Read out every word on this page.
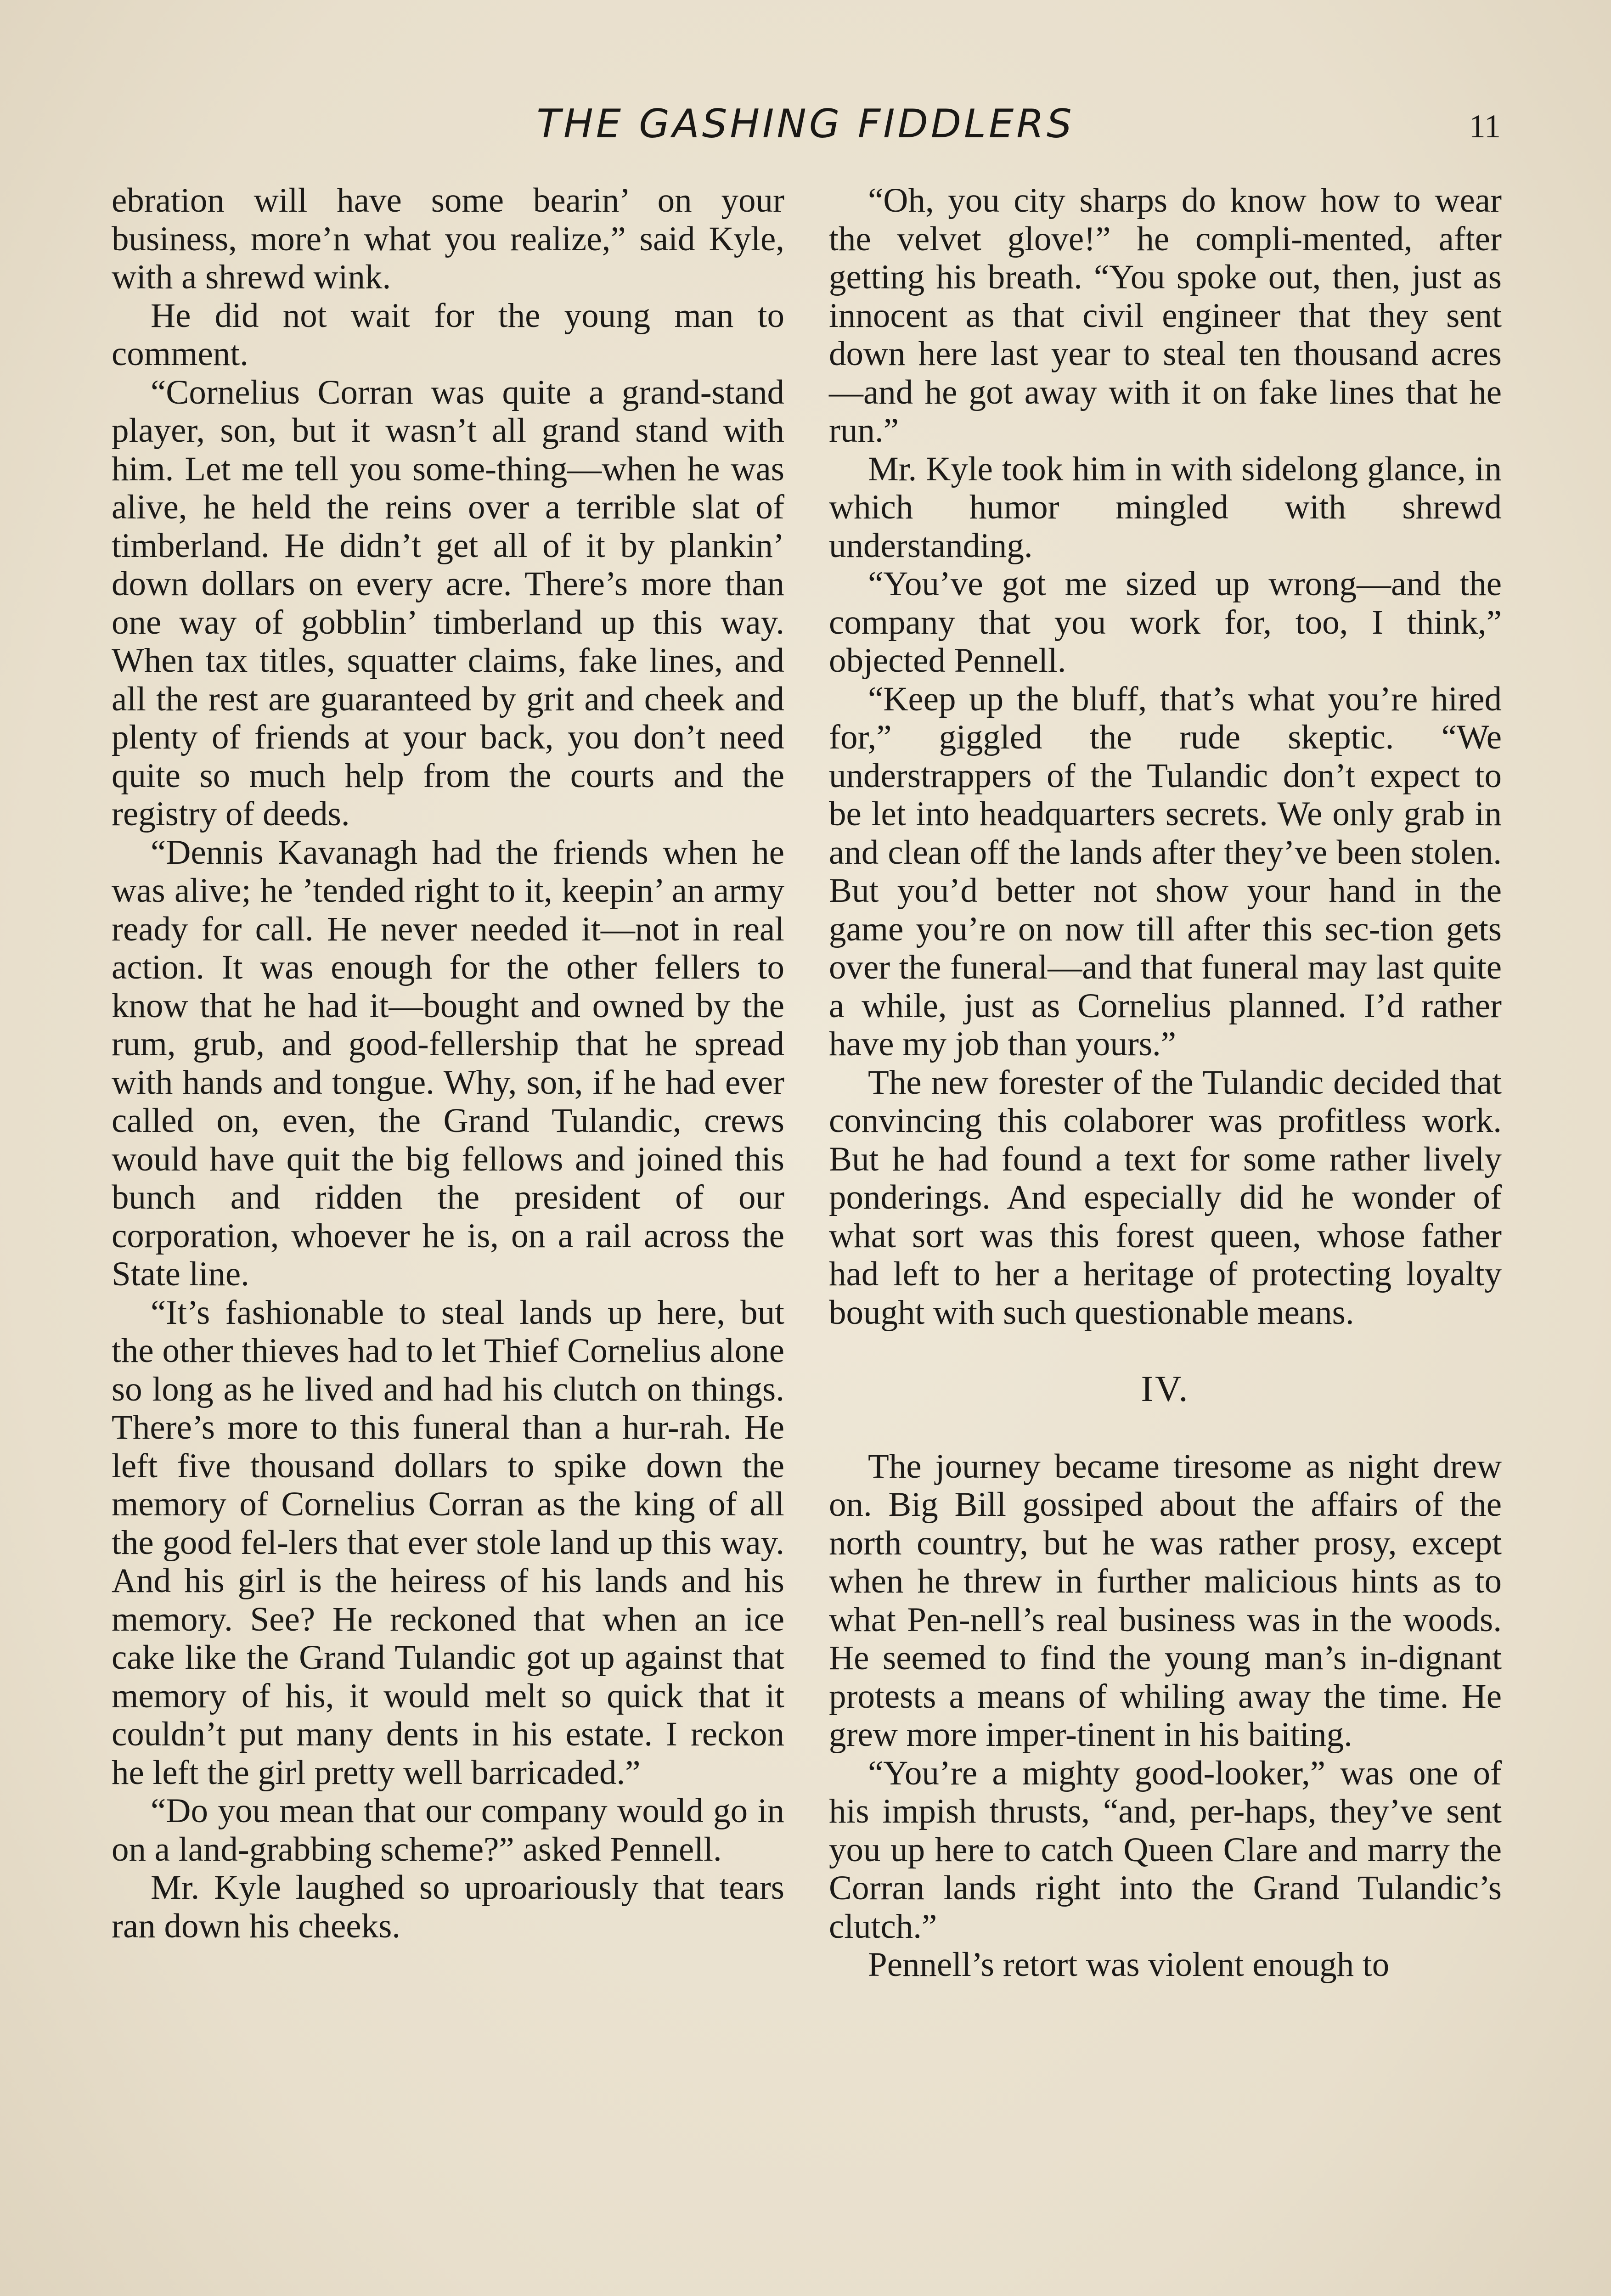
THE GASHING FIDDLERS	11

ebration will have some bearin’ on your business, more’n what you realize,” said Kyle, with a shrewd wink.

He did not wait for the young man to comment.

“Cornelius Corran was quite a grand-stand player, son, but it wasn’t all grand stand with him. Let me tell you some-thing—when he was alive, he held the reins over a terrible slat of timberland. He didn’t get all of it by plankin’ down dollars on every acre. There’s more than one way of gobblin’ timberland up this way. When tax titles, squatter claims, fake lines, and all the rest are guaranteed by grit and cheek and plenty of friends at your back, you don’t need quite so much help from the courts and the registry of deeds.

“Dennis Kavanagh had the friends when he was alive; he ’tended right to it, keepin’ an army ready for call. He never needed it—not in real action. It was enough for the other fellers to know that he had it—bought and owned by the rum, grub, and good-fellership that he spread with hands and tongue. Why, son, if he had ever called on, even, the Grand Tulandic, crews would have quit the big fellows and joined this bunch and ridden the president of our corporation, whoever he is, on a rail across the State line.

“It’s fashionable to steal lands up here, but the other thieves had to let Thief Cornelius alone so long as he lived and had his clutch on things. There’s more to this funeral than a hur-rah. He left five thousand dollars to spike down the memory of Cornelius Corran as the king of all the good fel-lers that ever stole land up this way. And his girl is the heiress of his lands and his memory. See? He reckoned that when an ice cake like the Grand Tulandic got up against that memory of his, it would melt so quick that it couldn’t put many dents in his estate. I reckon he left the girl pretty well barricaded.”

“Do you mean that our company would go in on a land-grabbing scheme?” asked Pennell.

Mr. Kyle laughed so uproariously that tears ran down his cheeks.

“Oh, you city sharps do know how to wear the velvet glove!” he compli-mented, after getting his breath. “You spoke out, then, just as innocent as that civil engineer that they sent down here last year to steal ten thousand acres—and he got away with it on fake lines that he run.”

Mr. Kyle took him in with sidelong glance, in which humor mingled with shrewd understanding.

“You’ve got me sized up wrong—and the company that you work for, too, I think,” objected Pennell.

“Keep up the bluff, that’s what you’re hired for,” giggled the rude skeptic. “We understrappers of the Tulandic don’t expect to be let into headquarters secrets. We only grab in and clean off the lands after they’ve been stolen. But you’d better not show your hand in the game you’re on now till after this sec-tion gets over the funeral—and that funeral may last quite a while, just as Cornelius planned. I’d rather have my job than yours.”

The new forester of the Tulandic decided that convincing this colaborer was profitless work. But he had found a text for some rather lively ponderings. And especially did he wonder of what sort was this forest queen, whose father had left to her a heritage of protecting loyalty bought with such questionable means.

IV.

The journey became tiresome as night drew on. Big Bill gossiped about the affairs of the north country, but he was rather prosy, except when he threw in further malicious hints as to what Pen-nell’s real business was in the woods. He seemed to find the young man’s in-dignant protests a means of whiling away the time. He grew more imper-tinent in his baiting.

“You’re a mighty good-looker,” was one of his impish thrusts, “and, per-haps, they’ve sent you up here to catch Queen Clare and marry the Corran lands right into the Grand Tulandic’s clutch.”

Pennell’s retort was violent enough to
